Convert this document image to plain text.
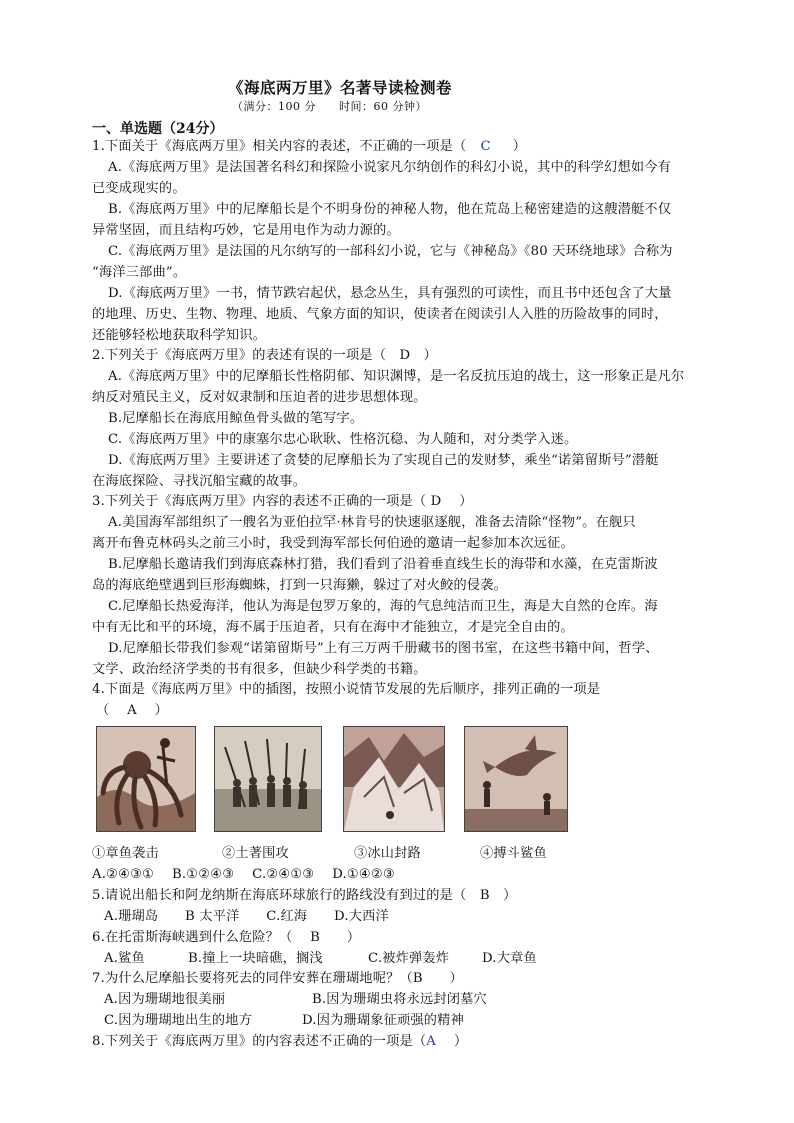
《海底两万里》名著导读检测卷
（满分：100 分　　时间：60 分钟）
一、单选题（24分）
1.下面关于《海底两万里》相关内容的表述，不正确的一项是（ C ）
A.《海底两万里》是法国著名科幻和探险小说家凡尔纳创作的科幻小说，其中的科学幻想如今有
已变成现实的。
B.《海底两万里》中的尼摩船长是个不明身份的神秘人物，他在荒岛上秘密建造的这艘潜艇不仅
异常坚固，而且结构巧妙，它是用电作为动力源的。
C.《海底两万里》是法国的凡尔纳写的一部科幻小说，它与《神秘岛》《80 天环绕地球》合称为
“海洋三部曲”。
D.《海底两万里》一书，情节跌宕起伏，悬念丛生，具有强烈的可读性，而且书中还包含了大量
的地理、历史、生物、物理、地质、气象方面的知识，使读者在阅读引人入胜的历险故事的同时，
还能够轻松地获取科学知识。
2.下列关于《海底两万里》的表述有误的一项是（　D　）
A.《海底两万里》中的尼摩船长性格阴郁、知识渊博，是一名反抗压迫的战士，这一形象正是凡尔
纳反对殖民主义，反对奴隶制和压迫者的进步思想体现。
B.尼摩船长在海底用鲸鱼骨头做的笔写字。
C.《海底两万里》中的康塞尔忠心耿耿、性格沉稳、为人随和，对分类学入迷。
D.《海底两万里》主要讲述了贪婪的尼摩船长为了实现自己的发财梦，乘坐“诺第留斯号”潜艇
在海底探险、寻找沉船宝藏的故事。
3.下列关于《海底两万里》内容的表述不正确的一项是（ D　 ）
A.美国海军部组织了一艘名为亚伯拉罕·林肯号的快速驱逐舰，准备去清除“怪物”。在舰只
离开布鲁克林码头之前三小时，我受到海军部长何伯逊的邀请一起参加本次远征。
B.尼摩船长邀请我们到海底森林打猎，我们看到了沿着垂直线生长的海带和水藻，在克雷斯波
岛的海底绝壁遇到巨形海蜘蛛，打到一只海獭，躲过了对火鲛的侵袭。
C.尼摩船长热爱海洋，他认为海是包罗万象的，海的气息纯洁而卫生，海是大自然的仓库。海
中有无比和平的环境，海不属于压迫者，只有在海中才能独立，才是完全自由的。
D.尼摩船长带我们参观“诺第留斯号”上有三万两千册藏书的图书室，在这些书籍中间，哲学、
文学、政治经济学类的书有很多，但缺少科学类的书籍。
4.下面是《海底两万里》中的插图，按照小说情节发展的先后顺序，排列正确的一项是
（　 A　 ）
①章鱼袭击	②土著围攻	③冰山封路	④搏斗鲨鱼
A.②④③①　 B.①②④③　 C.②④①③　 D.①④②③
5.请说出船长和阿龙纳斯在海底环球旅行的路线没有到过的是（　B　）
A.珊瑚岛　　B 太平洋　　C.红海　　D.大西洋
6.在托雷斯海峡遇到什么危险？（　 B　　）
A.鲨鱼	B.撞上一块暗礁，搁浅	C.被炸弹轰炸 D.大章鱼
7.为什么尼摩船长要将死去的同伴安葬在珊瑚地呢？（B　　）
A.因为珊瑚地很美丽	B.因为珊瑚虫将永远封闭墓穴
C.因为珊瑚地出生的地方	D.因为珊瑚象征顽强的精神
8.下列关于《海底两万里》的内容表述不正确的一项是（A ）
